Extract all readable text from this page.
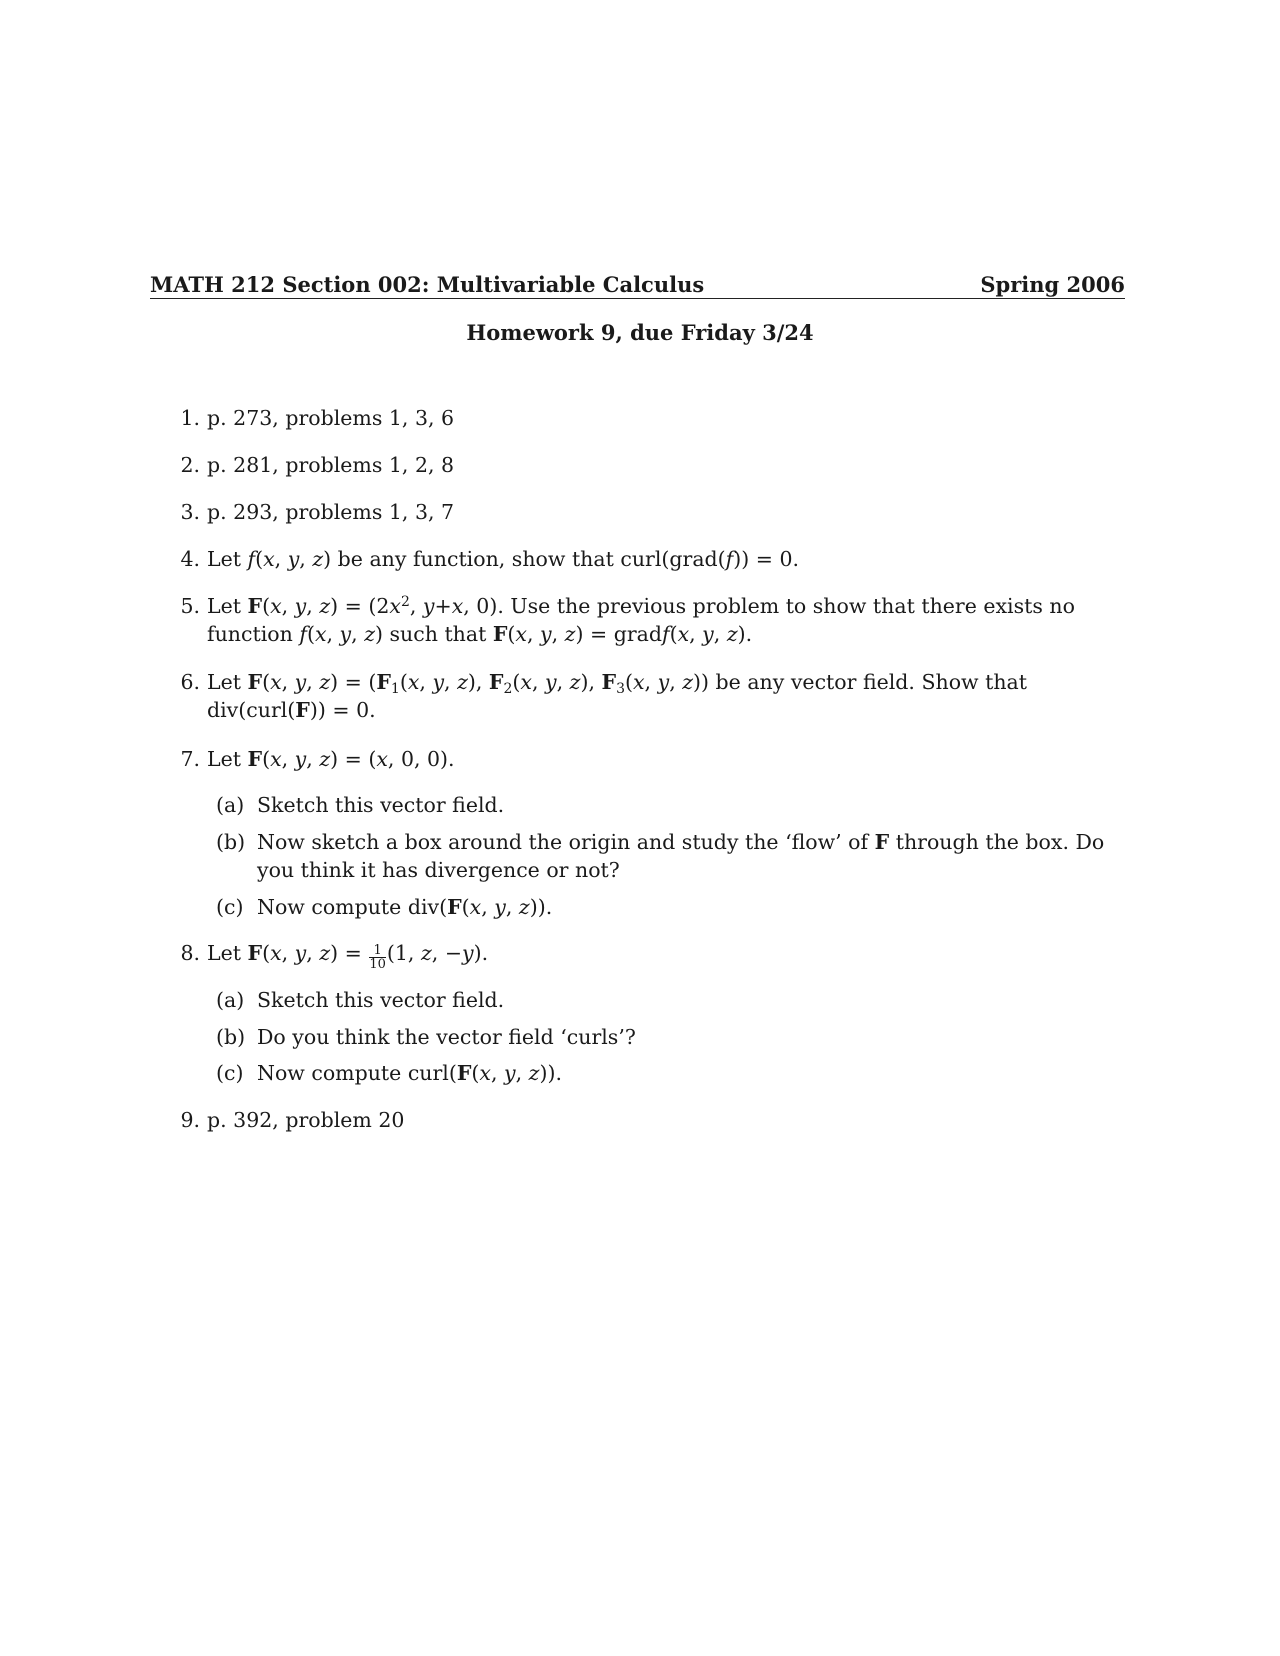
MATH 212 Section 002: Multivariable Calculus	Spring 2006
Homework 9, due Friday 3/24
1. p. 273, problems 1, 3, 6
2. p. 281, problems 1, 2, 8
3. p. 293, problems 1, 3, 7
4. Let f(x, y, z) be any function, show that curl(grad(f)) = 0.
5. Let F(x, y, $z) = (2x^2$, y+x, 0). Use the previous problem to show that there exists no function f(x, y, z) such that F(x, y, z) = gradf(x, y, z).
6. Let F(x, y, $z) = (F_1(x$, y, z), $F_2(x$, y, z), $F_3(x$, y, z)) be any vector field. Show that div(curl(F)) = 0.
7. Let F(x, y, z) = (x, 0, 0).
(a) Sketch this vector field.
(b) Now sketch a box around the origin and study the ‘flow’ of F through the box. Do you think it has divergence or not?
(c) Now compute div(F(x, y, z)).
8. Let F(x, y, $z) = \frac{1}{10} (1$, z, −y).
(a) Sketch this vector field.
(b) Do you think the vector field ‘curls’?
(c) Now compute curl(F(x, y, z)).
9. p. 392, problem 20
